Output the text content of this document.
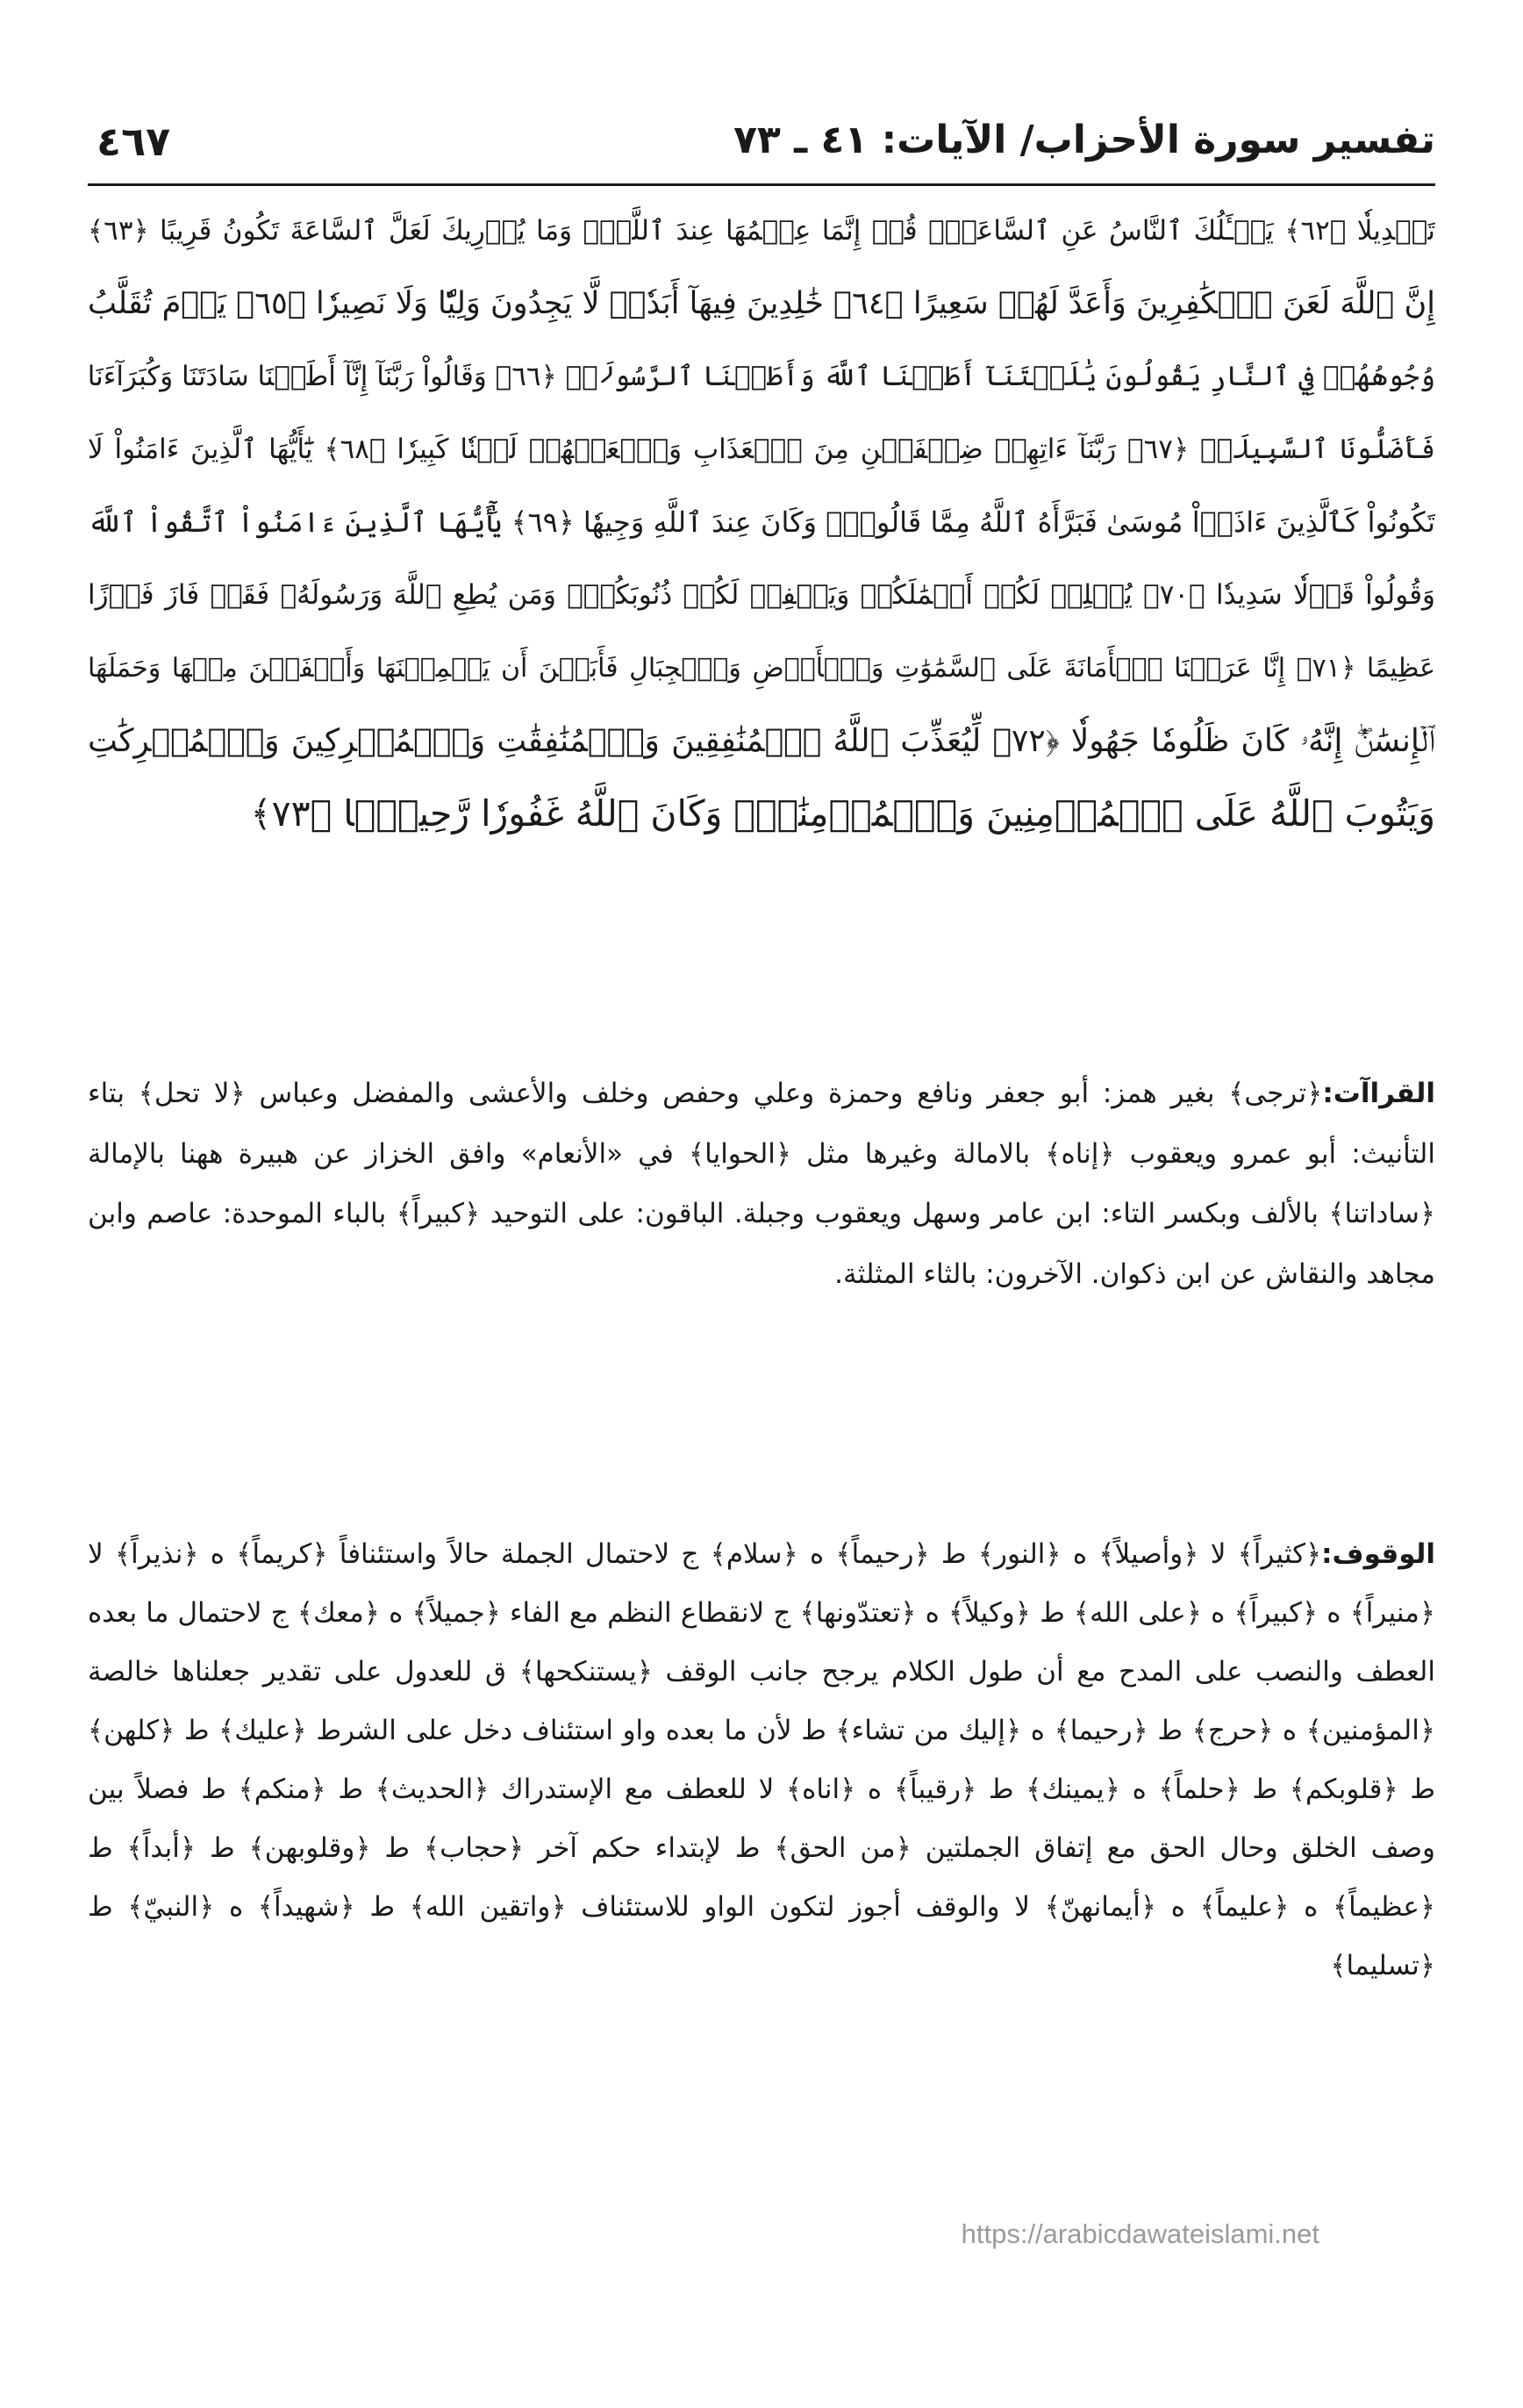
تفسير سورة الأحزاب/ الآيات: ٤١ ـ ٧٣
٤٦٧
تَبۡدِيلٗا ﴿٦٢﴾ يَسۡـَٔلُكَ ٱلنَّاسُ عَنِ ٱلسَّاعَةِۖ قُلۡ إِنَّمَا عِلۡمُهَا عِندَ ٱللَّهِۚ وَمَا يُدۡرِيكَ لَعَلَّ ٱلسَّاعَةَ تَكُونُ قَرِيبًا ﴿٦٣﴾
إِنَّ ٱللَّهَ لَعَنَ ٱلۡكَٰفِرِينَ وَأَعَدَّ لَهُمۡ سَعِيرًا ﴿٦٤﴾ خَٰلِدِينَ فِيهَآ أَبَدٗاۖ لَّا يَجِدُونَ وَلِيّٗا وَلَا نَصِيرٗا ﴿٦٥﴾ يَوۡمَ تُقَلَّبُ
وُجُوهُهُمۡ فِي ٱلنَّارِ يَقُولُونَ يَٰلَيۡتَنَآ أَطَعۡنَا ٱللَّهَ وَأَطَعۡنَا ٱلرَّسُولَا۠ ﴿٦٦﴾ وَقَالُواْ رَبَّنَآ إِنَّآ أَطَعۡنَا سَادَتَنَا وَكُبَرَآءَنَا
فَأَضَلُّونَا ٱلسَّبِيلَا۠ ﴿٦٧﴾ رَبَّنَآ ءَاتِهِمۡ ضِعۡفَيۡنِ مِنَ ٱلۡعَذَابِ وَٱلۡعَنۡهُمۡ لَعۡنٗا كَبِيرٗا ﴿٦٨﴾ يَٰٓأَيُّهَا ٱلَّذِينَ ءَامَنُواْ لَا
تَكُونُواْ كَٱلَّذِينَ ءَاذَوۡاْ مُوسَىٰ فَبَرَّأَهُ ٱللَّهُ مِمَّا قَالُواْۚ وَكَانَ عِندَ ٱللَّهِ وَجِيهٗا ﴿٦٩﴾ يَٰٓأَيُّهَا ٱلَّذِينَ ءَامَنُواْ ٱتَّقُواْ ٱللَّهَ
وَقُولُواْ قَوۡلٗا سَدِيدٗا ﴿٧٠﴾ يُصۡلِحۡ لَكُمۡ أَعۡمَٰلَكُمۡ وَيَغۡفِرۡ لَكُمۡ ذُنُوبَكُمۡۗ وَمَن يُطِعِ ٱللَّهَ وَرَسُولَهُۥ فَقَدۡ فَازَ فَوۡزًا
عَظِيمًا ﴿٧١﴾ إِنَّا عَرَضۡنَا ٱلۡأَمَانَةَ عَلَى ٱلسَّمَٰوَٰتِ وَٱلۡأَرۡضِ وَٱلۡجِبَالِ فَأَبَيۡنَ أَن يَحۡمِلۡنَهَا وَأَشۡفَقۡنَ مِنۡهَا وَحَمَلَهَا
ٱلۡإِنسَٰنُۖ إِنَّهُۥ كَانَ ظَلُومٗا جَهُولٗا ﴿٧٢﴾ لِّيُعَذِّبَ ٱللَّهُ ٱلۡمُنَٰفِقِينَ وَٱلۡمُنَٰفِقَٰتِ وَٱلۡمُشۡرِكِينَ وَٱلۡمُشۡرِكَٰتِ
وَيَتُوبَ ٱللَّهُ عَلَى ٱلۡمُؤۡمِنِينَ وَٱلۡمُؤۡمِنَٰتِۗ وَكَانَ ٱللَّهُ غَفُورٗا رَّحِيمَۢا ﴿٧٣﴾

القراآت:﴿ترجى﴾ بغير همز: أبو جعفر ونافع وحمزة وعلي وحفص وخلف والأعشى والمفضل وعباس ﴿لا تحل﴾ بتاء التأنيث: أبو عمرو ويعقوب ﴿إناه﴾ بالامالة وغيرها مثل ﴿الحوايا﴾ في «الأنعام» وافق الخزاز عن هبيرة ههنا بالإمالة ﴿ساداتنا﴾ بالألف وبكسر التاء: ابن عامر وسهل ويعقوب وجبلة. الباقون: على التوحيد ﴿كبيراً﴾ بالباء الموحدة: عاصم وابن مجاهد والنقاش عن ابن ذكوان. الآخرون: بالثاء المثلثة.

الوقوف:﴿كثيراً﴾ لا ﴿وأصيلاً﴾ ه ﴿النور﴾ ط ﴿رحيماً﴾ ه ﴿سلام﴾ ج لاحتمال الجملة حالاً واستئنافاً ﴿كريماً﴾ ه ﴿نذيراً﴾ لا ﴿منيراً﴾ ه ﴿كبيراً﴾ ه ﴿على الله﴾ ط ﴿وكيلاً﴾ ه ﴿تعتدّونها﴾ ج لانقطاع النظم مع الفاء ﴿جميلاً﴾ ه ﴿معك﴾ ج لاحتمال ما بعده العطف والنصب على المدح مع أن طول الكلام يرجح جانب الوقف ﴿يستنكحها﴾ ق للعدول على تقدير جعلناها خالصة ﴿المؤمنين﴾ ه ﴿حرج﴾ ط ﴿رحيما﴾ ه ﴿إليك من تشاء﴾ ط لأن ما بعده واو استئناف دخل على الشرط ﴿عليك﴾ ط ﴿كلهن﴾ ط ﴿قلوبكم﴾ ط ﴿حلماً﴾ ه ﴿يمينك﴾ ط ﴿رقيباً﴾ ه ﴿اناه﴾ لا للعطف مع الإستدراك ﴿الحديث﴾ ط ﴿منكم﴾ ط فصلاً بين وصف الخلق وحال الحق مع إتفاق الجملتين ﴿من الحق﴾ ط لإبتداء حكم آخر ﴿حجاب﴾ ط ﴿وقلوبهن﴾ ط ﴿أبداً﴾ ط ﴿عظيماً﴾ ه ﴿عليماً﴾ ه ﴿أيمانهنّ﴾ لا والوقف أجوز لتكون الواو للاستئناف ﴿واتقين الله﴾ ط ﴿شهيداً﴾ ه ﴿النبيّ﴾ ط ﴿تسليما﴾

https://arabicdawateislami.net
